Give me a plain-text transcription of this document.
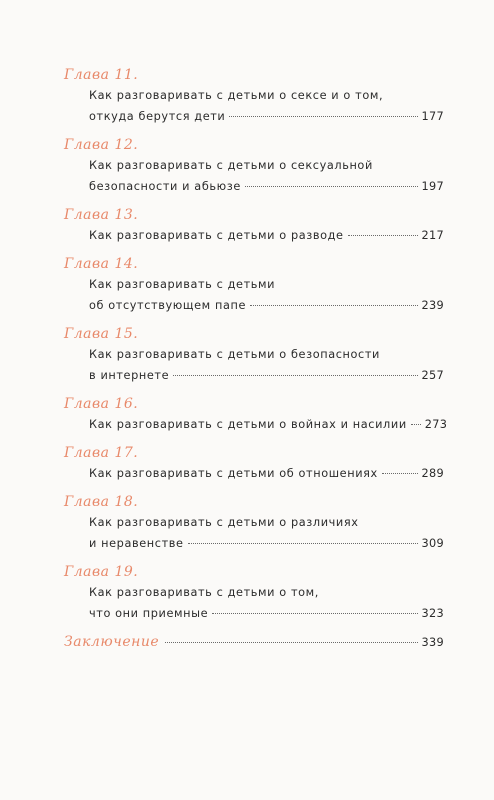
Глава 11.
Как разговаривать с детьми о сексе и о том,
откуда берутся дети	177
Глава 12.
Как разговаривать с детьми о сексуальной
безопасности и абьюзе	197
Глава 13.
Как разговаривать с детьми о разводе	217
Глава 14.
Как разговаривать с детьми
об отсутствующем папе	239
Глава 15.
Как разговаривать с детьми о безопасности
в интернете	257
Глава 16.
Как разговаривать с детьми о войнах и насилии 273
Глава 17.
Как разговаривать с детьми об отношениях	289
Глава 18.
Как разговаривать с детьми о различиях
и неравенстве	309
Глава 19.
Как разговаривать с детьми о том,
что они приемные	323
Заключение	339
